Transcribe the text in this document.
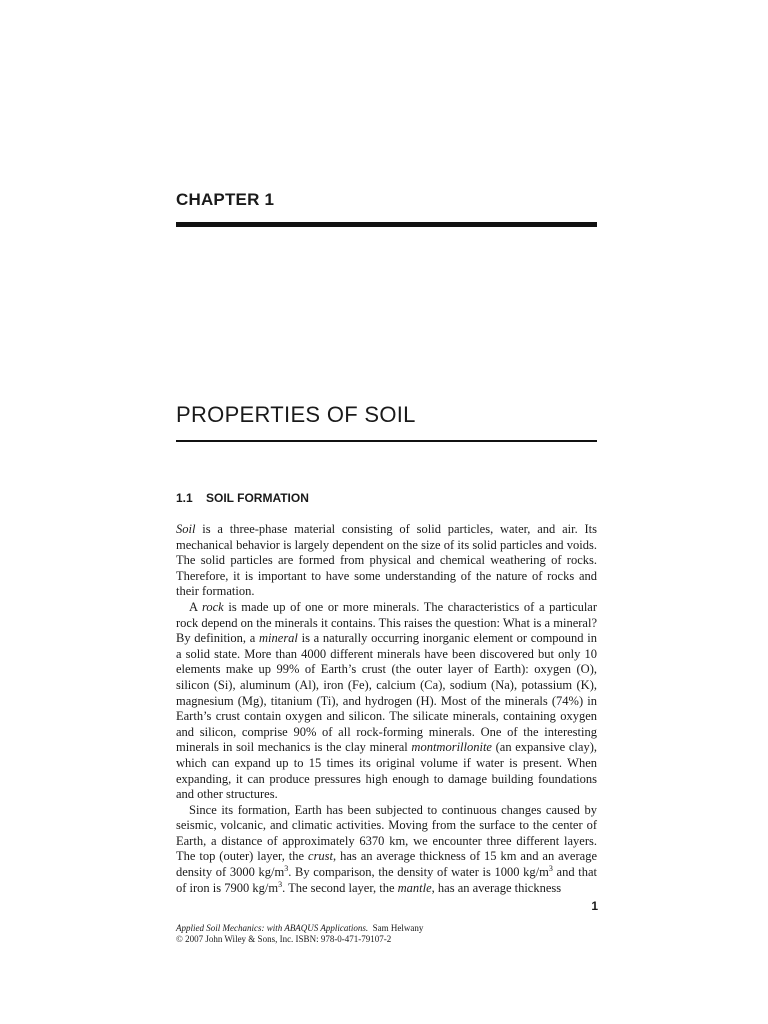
CHAPTER 1
PROPERTIES OF SOIL
1.1 SOIL FORMATION

Soil is a three-phase material consisting of solid particles, water, and air. Its mechanical behavior is largely dependent on the size of its solid particles and voids. The solid particles are formed from physical and chemical weathering of rocks. Therefore, it is important to have some understanding of the nature of rocks and their formation.

A rock is made up of one or more minerals. The characteristics of a particular rock depend on the minerals it contains. This raises the question: What is a mineral? By definition, a mineral is a naturally occurring inorganic element or compound in a solid state. More than 4000 different minerals have been discovered but only 10 elements make up 99% of Earth’s crust (the outer layer of Earth): oxygen (O), silicon (Si), aluminum (Al), iron (Fe), calcium (Ca), sodium (Na), potassium (K), magnesium (Mg), titanium (Ti), and hydrogen (H). Most of the minerals (74%) in Earth’s crust contain oxygen and silicon. The silicate minerals, containing oxygen and silicon, comprise 90% of all rock-forming minerals. One of the interesting minerals in soil mechanics is the clay mineral montmorillonite (an expansive clay), which can expand up to 15 times its original volume if water is present. When expanding, it can produce pressures high enough to damage building foundations and other structures.

Since its formation, Earth has been subjected to continuous changes caused by seismic, volcanic, and climatic activities. Moving from the surface to the center of Earth, a distance of approximately 6370 km, we encounter three different layers. The top (outer) layer, the crust, has an average thickness of 15 km and an average density of 3000 $kg/m^3$. By comparison, the density of water is 1000 $kg/m^3$ and that of iron is 7900 $kg/m^3$. The second layer, the mantle, has an average thickness

1
Applied Soil Mechanics: with ABAQUS Applications. Sam Helwany
© 2007 John Wiley & Sons, Inc. ISBN: 978-0-471-79107-2
